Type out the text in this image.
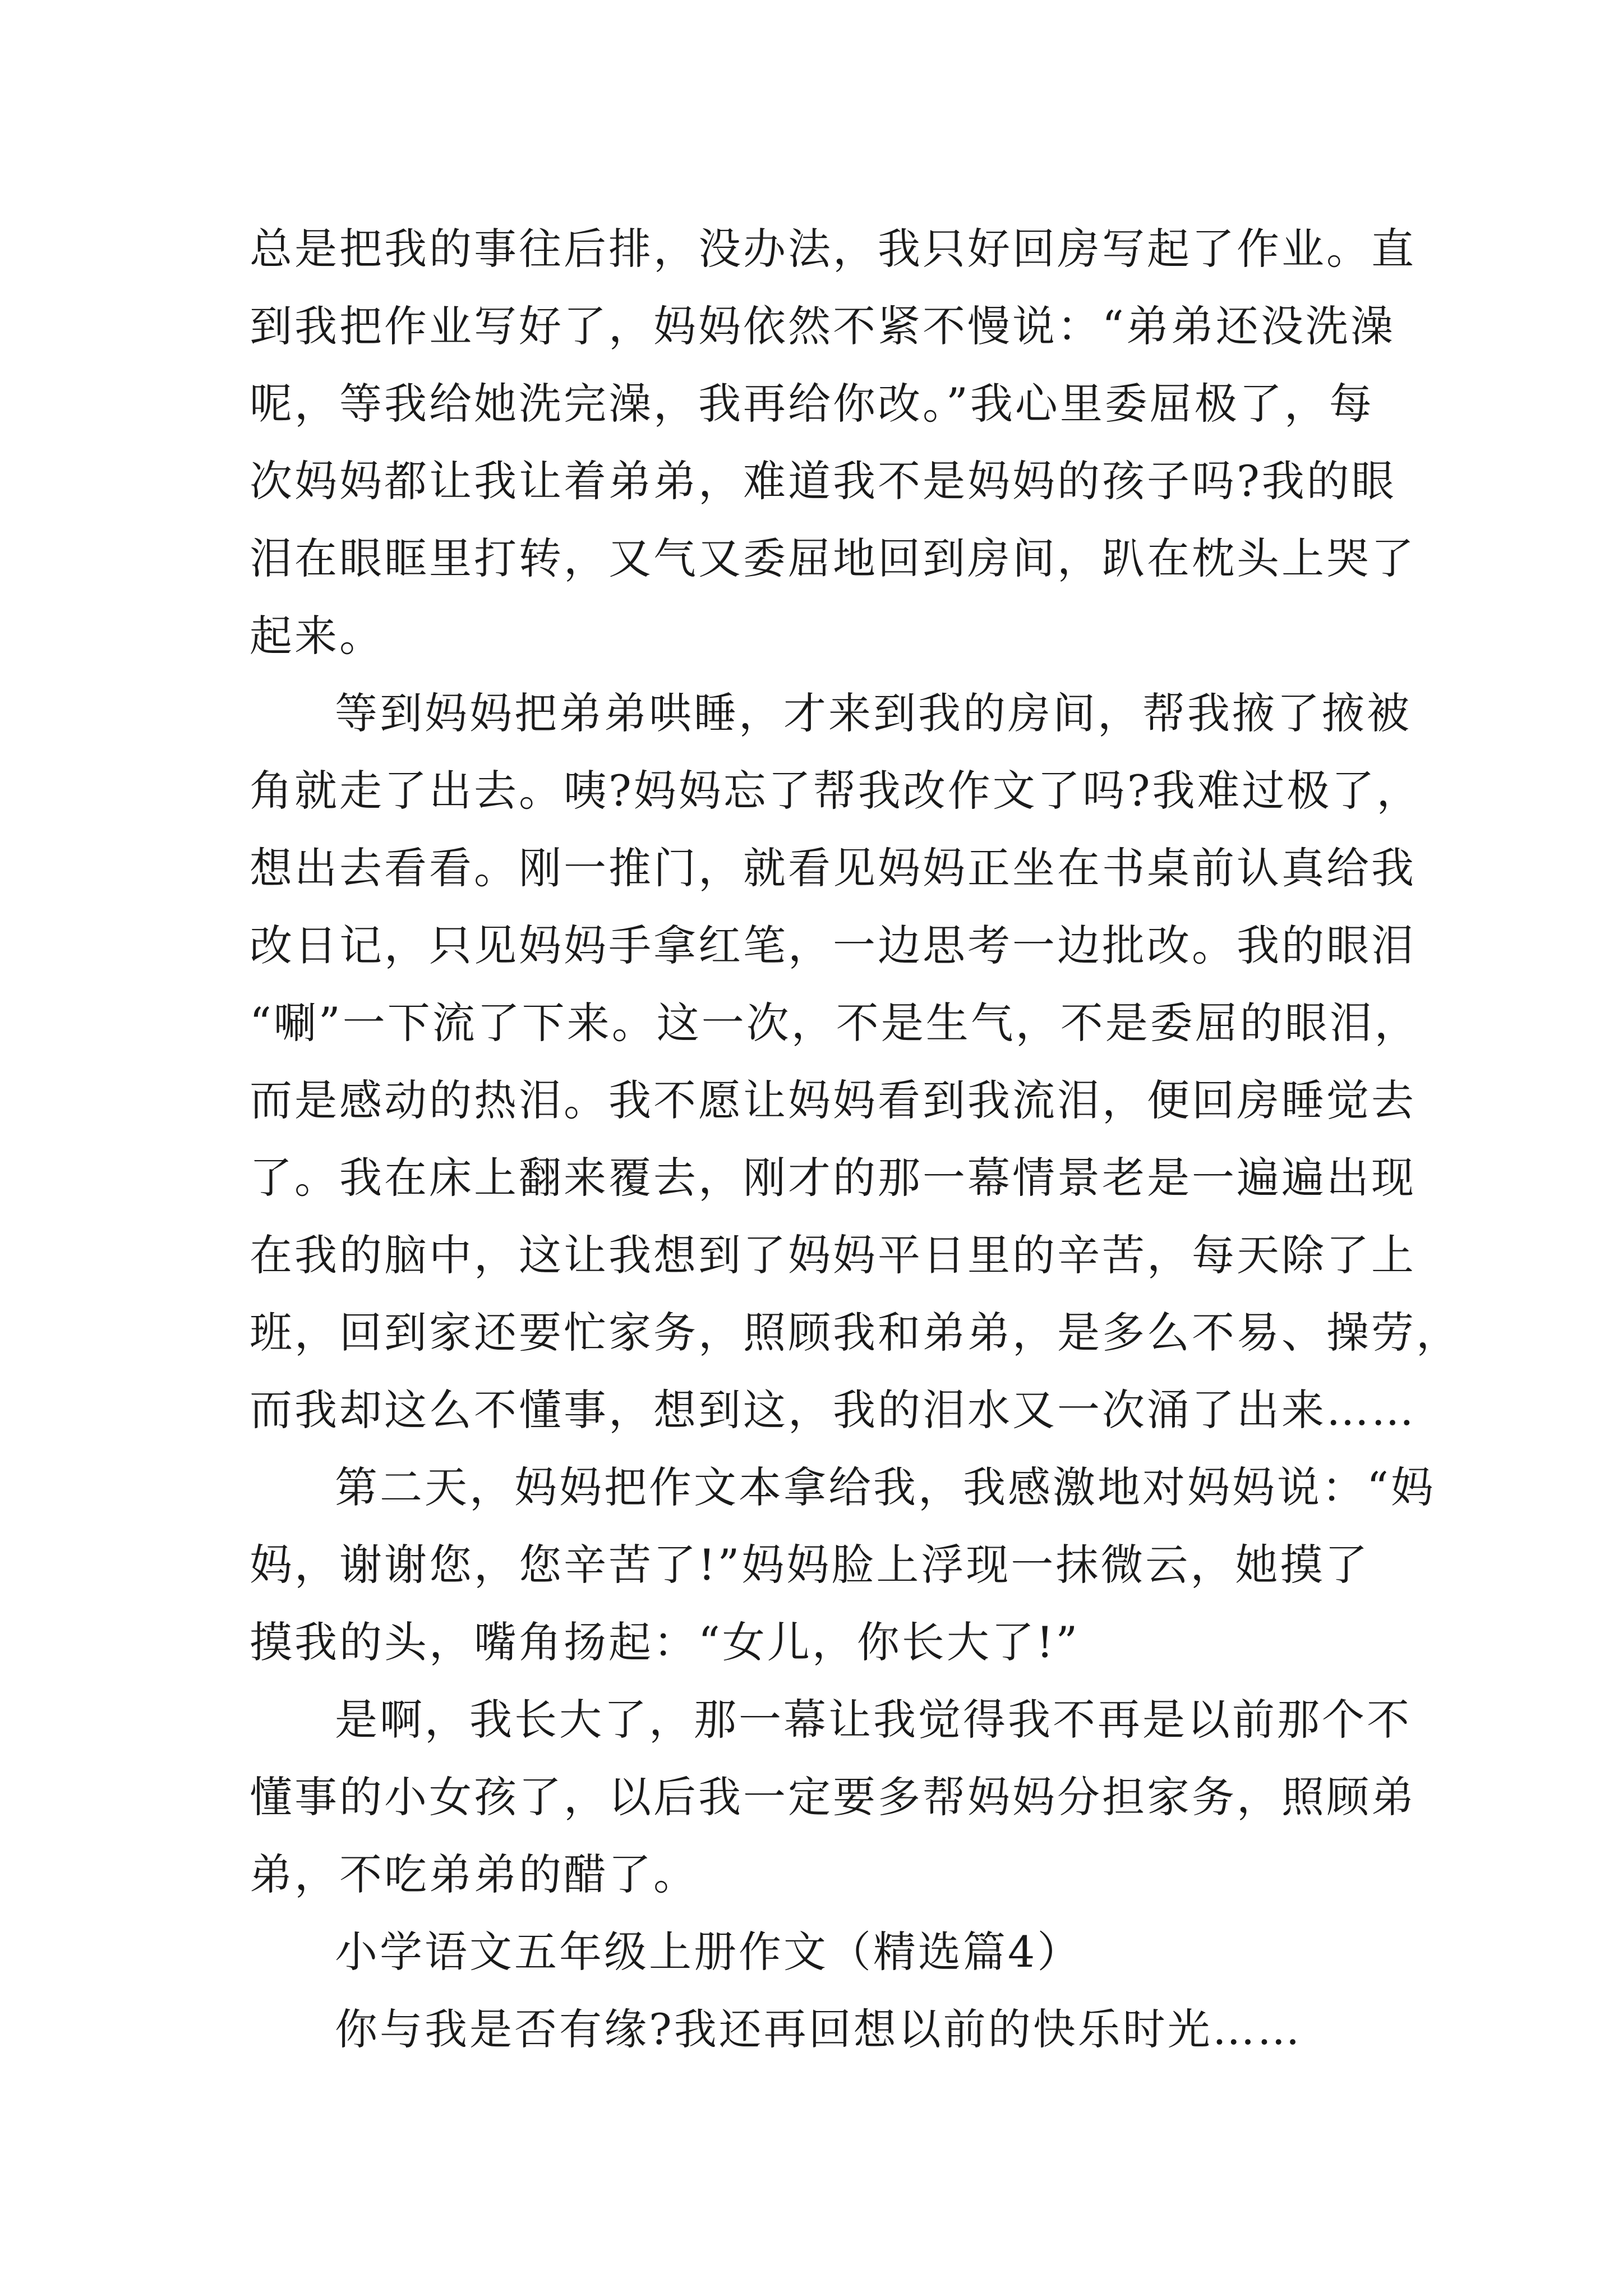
总是把我的事往后排，没办法，我只好回房写起了作业。直
到我把作业写好了，妈妈依然不紧不慢说：“弟弟还没洗澡
呢，等我给她洗完澡，我再给你改。”我心里委屈极了，每
次妈妈都让我让着弟弟，难道我不是妈妈的孩子吗?我的眼
泪在眼眶里打转，又气又委屈地回到房间，趴在枕头上哭了
起来。
等到妈妈把弟弟哄睡，才来到我的房间，帮我掖了掖被
角就走了出去。咦?妈妈忘了帮我改作文了吗?我难过极了，
想出去看看。刚一推门，就看见妈妈正坐在书桌前认真给我
改日记，只见妈妈手拿红笔，一边思考一边批改。我的眼泪
“唰”一下流了下来。这一次，不是生气，不是委屈的眼泪，
而是感动的热泪。我不愿让妈妈看到我流泪，便回房睡觉去
了。我在床上翻来覆去，刚才的那一幕情景老是一遍遍出现
在我的脑中，这让我想到了妈妈平日里的辛苦，每天除了上
班，回到家还要忙家务，照顾我和弟弟，是多么不易、操劳，
而我却这么不懂事，想到这，我的泪水又一次涌了出来……
第二天，妈妈把作文本拿给我，我感激地对妈妈说：“妈
妈，谢谢您，您辛苦了!”妈妈脸上浮现一抹微云，她摸了
摸我的头，嘴角扬起：“女儿，你长大了!”
是啊，我长大了，那一幕让我觉得我不再是以前那个不
懂事的小女孩了，以后我一定要多帮妈妈分担家务，照顾弟
弟，不吃弟弟的醋了。
小学语文五年级上册作文（精选篇4）
你与我是否有缘?我还再回想以前的快乐时光……
